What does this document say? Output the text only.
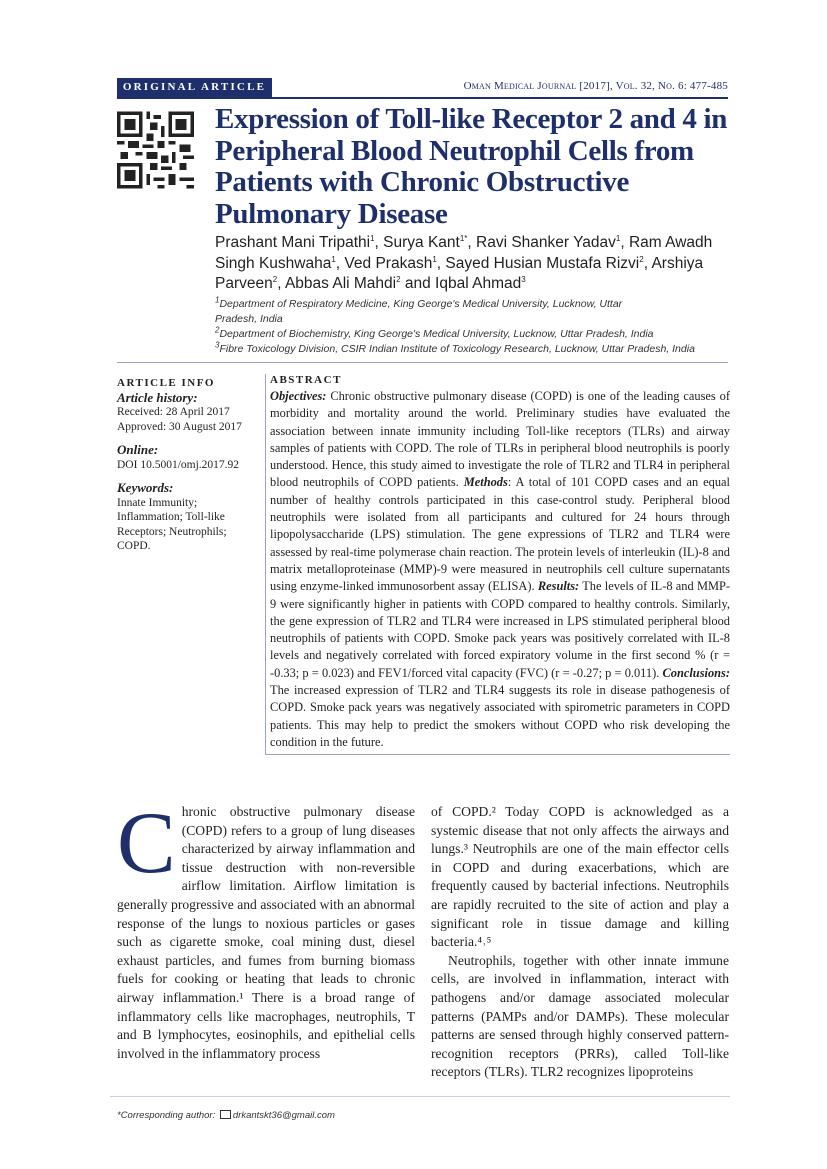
ORIGINAL ARTICLE	Oman Medical Journal [2017], Vol. 32, No. 6: 477-485
Expression of Toll-like Receptor 2 and 4 in Peripheral Blood Neutrophil Cells from Patients with Chronic Obstructive Pulmonary Disease
Prashant Mani Tripathi$^1$, Surya Kant$^{1*}$, Ravi Shanker Yadav$^1$, Ram Awadh Singh Kushwaha$^1$, Ved Prakash$^1$, Sayed Husian Mustafa Rizvi$^2$, Arshiya Parveen$^2$, Abbas Ali Mahdi$^2$ and Iqbal Ahmad$^3$
$^1$Department of Respiratory Medicine, King George's Medical University, Lucknow, Uttar Pradesh, India
$^2$Department of Biochemistry, King George's Medical University, Lucknow, Uttar Pradesh, India
$^3$Fibre Toxicology Division, CSIR Indian Institute of Toxicology Research, Lucknow, Uttar Pradesh, India
ARTICLE INFO
Article history:
Received: 28 April 2017
Approved: 30 August 2017
Online:
DOI 10.5001/omj.2017.92
Keywords:
Innate Immunity; Inflammation; Toll-like Receptors; Neutrophils; COPD.
ABSTRACT

Objectives: Chronic obstructive pulmonary disease (COPD) is one of the leading causes of morbidity and mortality around the world. Preliminary studies have evaluated the association between innate immunity including Toll-like receptors (TLRs) and airway samples of patients with COPD. The role of TLRs in peripheral blood neutrophils is poorly understood. Hence, this study aimed to investigate the role of TLR2 and TLR4 in peripheral blood neutrophils of COPD patients. Methods: A total of 101 COPD cases and an equal number of healthy controls participated in this case-control study. Peripheral blood neutrophils were isolated from all participants and cultured for 24 hours through lipopolysaccharide (LPS) stimulation. The gene expressions of TLR2 and TLR4 were assessed by real-time polymerase chain reaction. The protein levels of interleukin (IL)-8 and matrix metalloproteinase (MMP)-9 were measured in neutrophils cell culture supernatants using enzyme-linked immunosorbent assay (ELISA). Results: The levels of IL-8 and MMP-9 were significantly higher in patients with COPD compared to healthy controls. Similarly, the gene expression of TLR2 and TLR4 were increased in LPS stimulated peripheral blood neutrophils of patients with COPD. Smoke pack years was positively correlated with IL-8 levels and negatively correlated with forced expiratory volume in the first second % (r = -0.33; p = 0.023) and FEV1/forced vital capacity (FVC) (r = -0.27; p = 0.011). Conclusions: The increased expression of TLR2 and TLR4 suggests its role in disease pathogenesis of COPD. Smoke pack years was negatively associated with spirometric parameters in COPD patients. This may help to predict the smokers without COPD who risk developing the condition in the future.

Chronic obstructive pulmonary disease (COPD) refers to a group of lung diseases characterized by airway inflammation and tissue destruction with non-reversible airflow limitation. Airflow limitation is generally progressive and associated with an abnormal response of the lungs to noxious particles or gases such as cigarette smoke, coal mining dust, diesel exhaust particles, and fumes from burning biomass fuels for cooking or heating that leads to chronic airway inflammation.¹ There is a broad range of inflammatory cells like macrophages, neutrophils, T and B lymphocytes, eosinophils, and epithelial cells involved in the inflammatory process

of COPD.² Today COPD is acknowledged as a systemic disease that not only affects the airways and lungs.³ Neutrophils are one of the main effector cells in COPD and during exacerbations, which are frequently caused by bacterial infections. Neutrophils are rapidly recruited to the site of action and play a significant role in tissue damage and killing bacteria.⁴˒⁵

Neutrophils, together with other innate immune cells, are involved in inflammation, interact with pathogens and/or damage associated molecular patterns (PAMPs and/or DAMPs). These molecular patterns are sensed through highly conserved pattern-recognition receptors (PRRs), called Toll-like receptors (TLRs). TLR2 recognizes lipoproteins

*Corresponding author: drkantskt36@gmail.com
